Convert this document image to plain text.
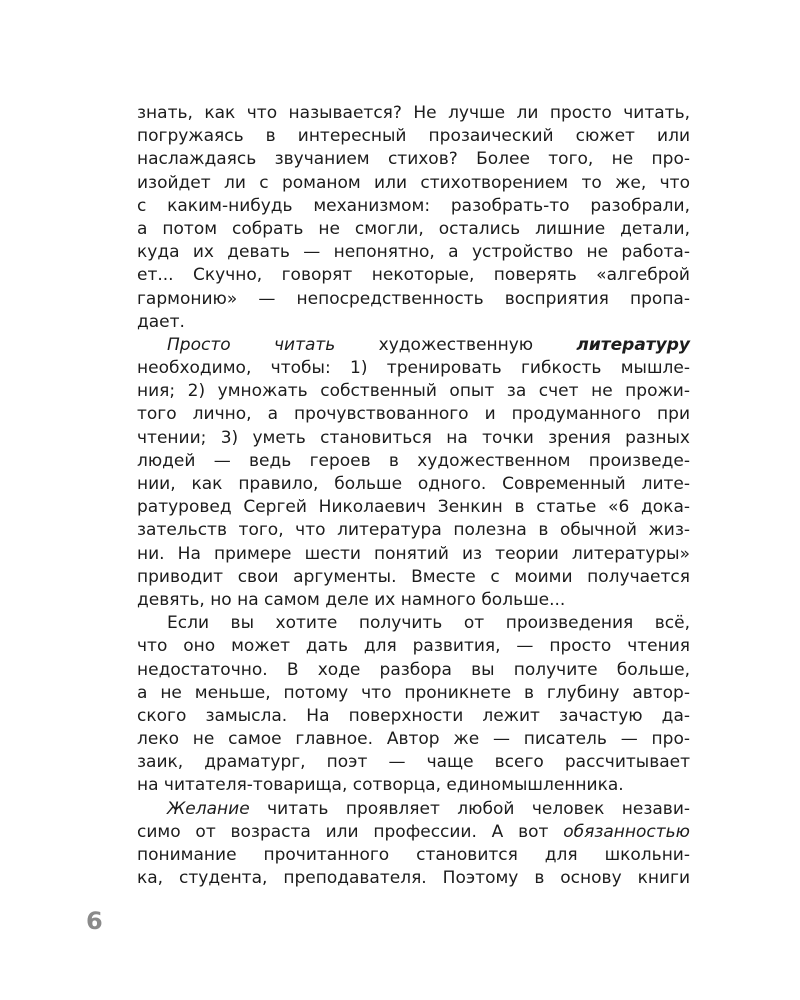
знать, как что называется? Не лучше ли просто читать,
погружаясь в интересный прозаический сюжет или
наслаждаясь звучанием стихов? Более того, не про-
изойдет ли с романом или стихотворением то же, что
с каким-нибудь механизмом: разобрать-то разобрали,
а потом собрать не смогли, остались лишние детали,
куда их девать — непонятно, а устройство не работа-
ет... Скучно, говорят некоторые, поверять «алгеброй
гармонию» — непосредственность восприятия пропа-
дает.
Просто читать художественную литературу
необходимо, чтобы: 1) тренировать гибкость мышле-
ния; 2) умножать собственный опыт за счет не прожи-
того лично, а прочувствованного и продуманного при
чтении; 3) уметь становиться на точки зрения разных
людей — ведь героев в художественном произведе-
нии, как правило, больше одного. Современный лите-
ратуровед Сергей Николаевич Зенкин в статье «6 дока-
зательств того, что литература полезна в обычной жиз-
ни. На примере шести понятий из теории литературы»
приводит свои аргументы. Вместе с моими получается
девять, но на самом деле их намного больше...
Если вы хотите получить от произведения всё,
что оно может дать для развития, — просто чтения
недостаточно. В ходе разбора вы получите больше,
а не меньше, потому что проникнете в глубину автор-
ского замысла. На поверхности лежит зачастую да-
леко не самое главное. Автор же — писатель — про-
заик, драматург, поэт — чаще всего рассчитывает
на читателя-товарища, сотворца, единомышленника.
Желание читать проявляет любой человек незави-
симо от возраста или профессии. А вот обязанностью
понимание прочитанного становится для школьни-
ка, студента, преподавателя. Поэтому в основу книги
6
